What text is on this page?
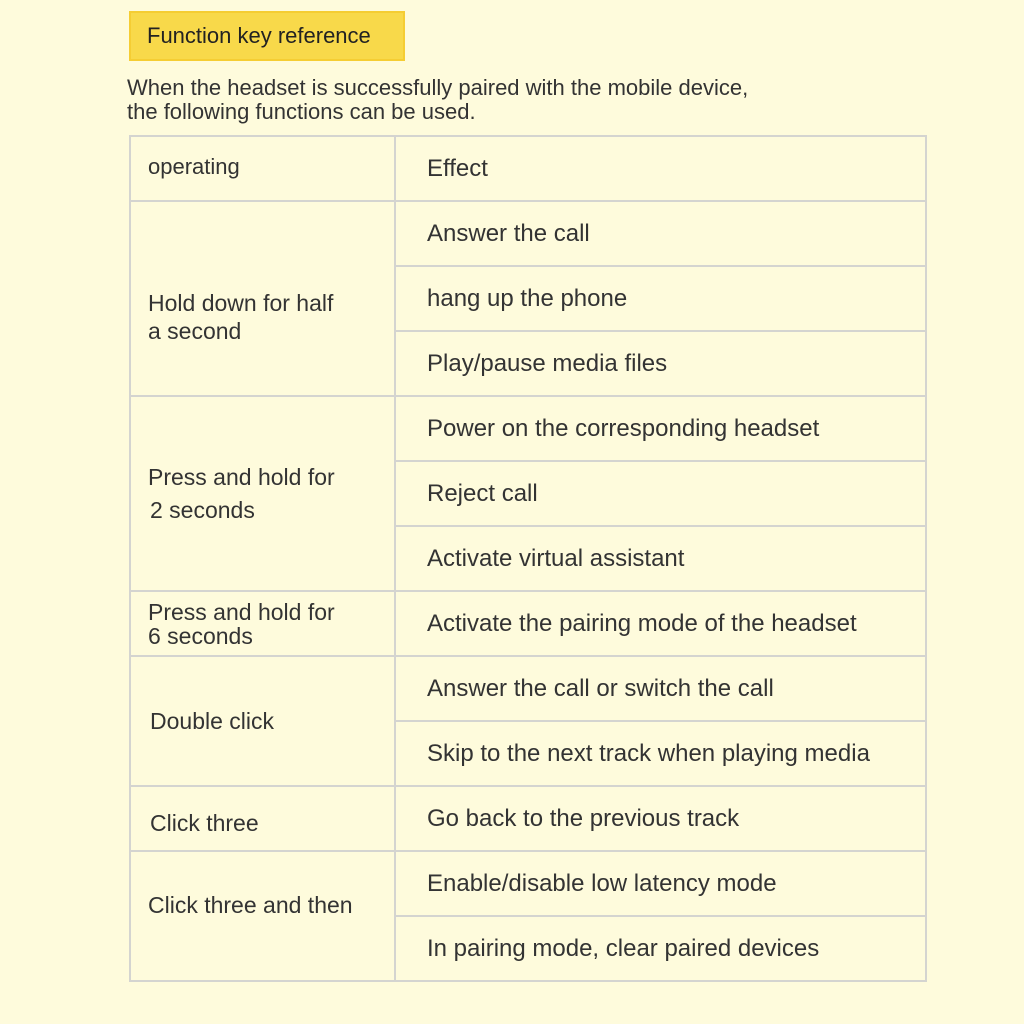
Function key reference
When the headset is successfully paired with the mobile device,
the following functions can be used.
operating	Effect

Hold down for half
a second	Answer the call
	hang up the phone
	Play/pause media files

Press and hold for
2 seconds	Power on the corresponding headset
	Reject call
	Activate virtual assistant

Press and hold for
6 seconds	Activate the pairing mode of the headset

Double click	Answer the call or switch the call
	Skip to the next track when playing media

Click three	Go back to the previous track

Click three and then	Enable/disable low latency mode
	In pairing mode, clear paired devices
